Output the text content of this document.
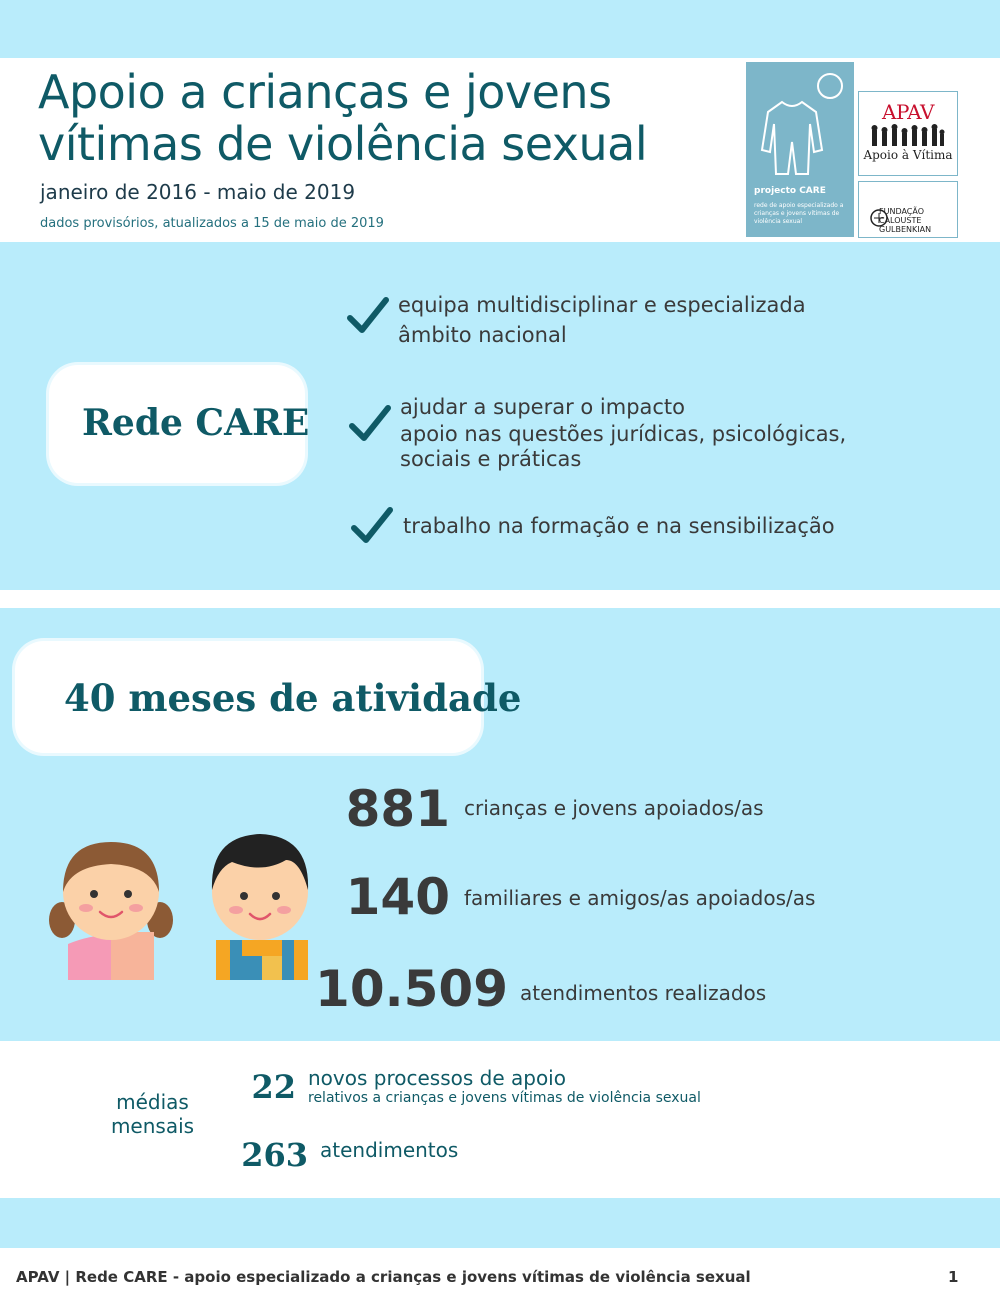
Apoio a crianças e jovens
vítimas de violência sexual
janeiro de 2016 - maio de 2019
dados provisórios, atualizados a 15 de maio de 2019
projecto CARE
rede de apoio especializado a crianças e jovens vítimas de violência sexual
APAV
Apoio à Vítima
FUNDAÇÃO CALOUSTE GULBENKIAN
Rede CARE
equipa multidisciplinar e especializada
âmbito nacional
ajudar a superar o impacto
apoio nas questões jurídicas, psicológicas,
sociais e práticas
trabalho na formação e na sensibilização
40 meses de atividade
881 crianças e jovens apoiados/as
140 familiares e amigos/as apoiados/as
10.509 atendimentos realizados
médias
mensais
22 novos processos de apoio
relativos a crianças e jovens vítimas de violência sexual
263 atendimentos
APAV | Rede CARE - apoio especializado a crianças e jovens vítimas de violência sexual	1
